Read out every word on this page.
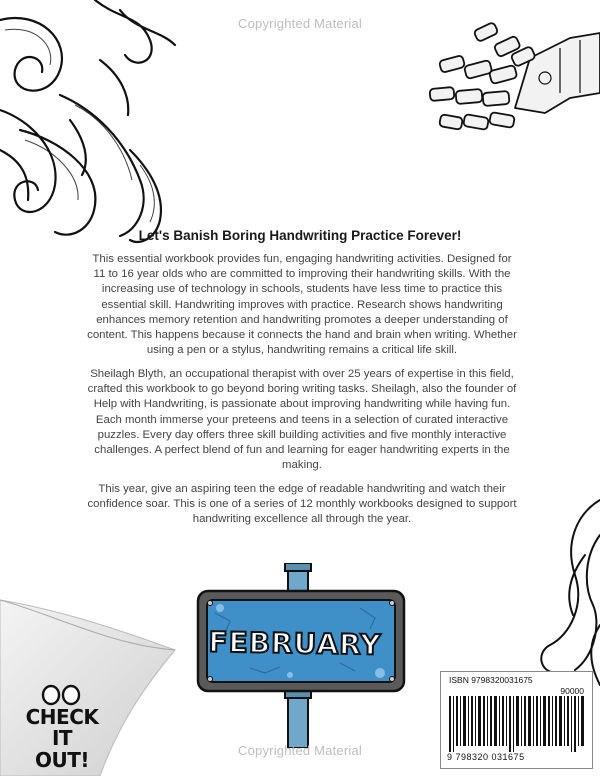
Copyrighted Material
Let's Banish Boring Handwriting Practice Forever!

This essential workbook provides fun, engaging handwriting activities. Designed for 11 to 16 year olds who are committed to improving their handwriting skills. With the increasing use of technology in schools, students have less time to practice this essential skill. Handwriting improves with practice. Research shows handwriting enhances memory retention and handwriting promotes a deeper understanding of content. This happens because it connects the hand and brain when writing. Whether using a pen or a stylus, handwriting remains a critical life skill.

Sheilagh Blyth, an occupational therapist with over 25 years of expertise in this field, crafted this workbook to go beyond boring writing tasks. Sheilagh, also the founder of Help with Handwriting, is passionate about improving handwriting while having fun. Each month immerse your preteens and teens in a selection of curated interactive puzzles. Every day offers three skill building activities and five monthly interactive challenges. A perfect blend of fun and learning for eager handwriting experts in the making.

This year, give an aspiring teen the edge of readable handwriting and watch their confidence soar. This is one of a series of 12 monthly workbooks designed to support handwriting excellence all through the year.

CHECK
IT OUT!
FEBRUARY
ISBN 9798320031675
90000
9 798320 031675
Copyrighted Material
